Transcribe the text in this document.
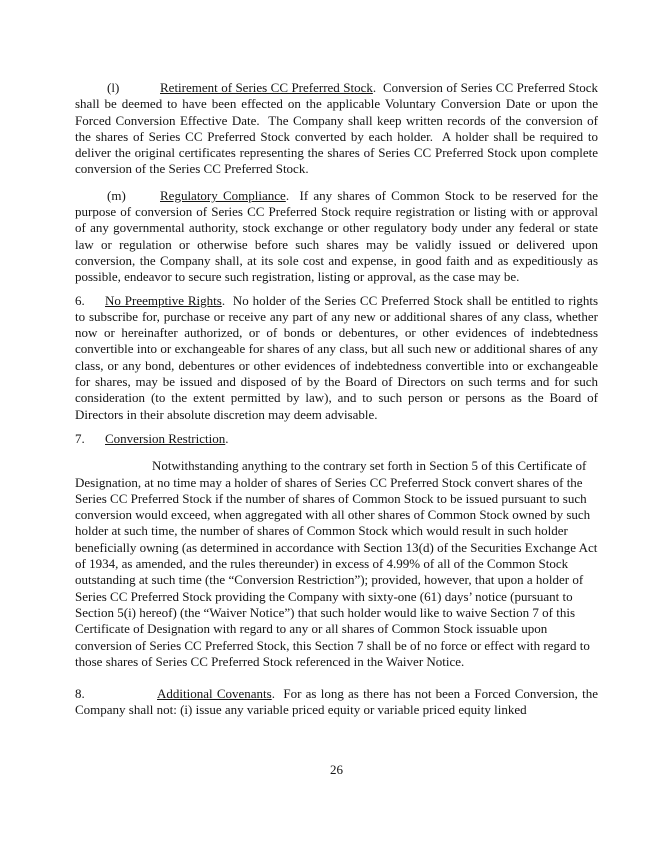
(l)	Retirement of Series CC Preferred Stock.  Conversion of Series CC Preferred Stock shall be deemed to have been effected on the applicable Voluntary Conversion Date or upon the Forced Conversion Effective Date.  The Company shall keep written records of the conversion of the shares of Series CC Preferred Stock converted by each holder.  A holder shall be required to deliver the original certificates representing the shares of Series CC Preferred Stock upon complete conversion of the Series CC Preferred Stock.

(m)	Regulatory Compliance.  If any shares of Common Stock to be reserved for the purpose of conversion of Series CC Preferred Stock require registration or listing with or approval of any governmental authority, stock exchange or other regulatory body under any federal or state law or regulation or otherwise before such shares may be validly issued or delivered upon conversion, the Company shall, at its sole cost and expense, in good faith and as expeditiously as possible, endeavor to secure such registration, listing or approval, as the case may be.

6. No Preemptive Rights.  No holder of the Series CC Preferred Stock shall be entitled to rights to subscribe for, purchase or receive any part of any new or additional shares of any class, whether now or hereinafter authorized, or of bonds or debentures, or other evidences of indebtedness convertible into or exchangeable for shares of any class, but all such new or additional shares of any class, or any bond, debentures or other evidences of indebtedness convertible into or exchangeable for shares, may be issued and disposed of by the Board of Directors on such terms and for such consideration (to the extent permitted by law), and to such person or persons as the Board of Directors in their absolute discretion may deem advisable.

7. Conversion Restriction.

Notwithstanding anything to the contrary set forth in Section 5 of this Certificate of Designation, at no time may a holder of shares of Series CC Preferred Stock convert shares of the Series CC Preferred Stock if the number of shares of Common Stock to be issued pursuant to such conversion would exceed, when aggregated with all other shares of Common Stock owned by such holder at such time, the number of shares of Common Stock which would result in such holder beneficially owning (as determined in accordance with Section 13(d) of the Securities Exchange Act of 1934, as amended, and the rules thereunder) in excess of 4.99% of all of the Common Stock outstanding at such time (the “Conversion Restriction”); provided, however, that upon a holder of Series CC Preferred Stock providing the Company with sixty-one (61) days’ notice (pursuant to Section 5(i) hereof) (the “Waiver Notice”) that such holder would like to waive Section 7 of this Certificate of Designation with regard to any or all shares of Common Stock issuable upon conversion of Series CC Preferred Stock, this Section 7 shall be of no force or effect with regard to those shares of Series CC Preferred Stock referenced in the Waiver Notice.

8.	Additional Covenants.  For as long as there has not been a Forced Conversion, the Company shall not: (i) issue any variable priced equity or variable priced equity linked

26
